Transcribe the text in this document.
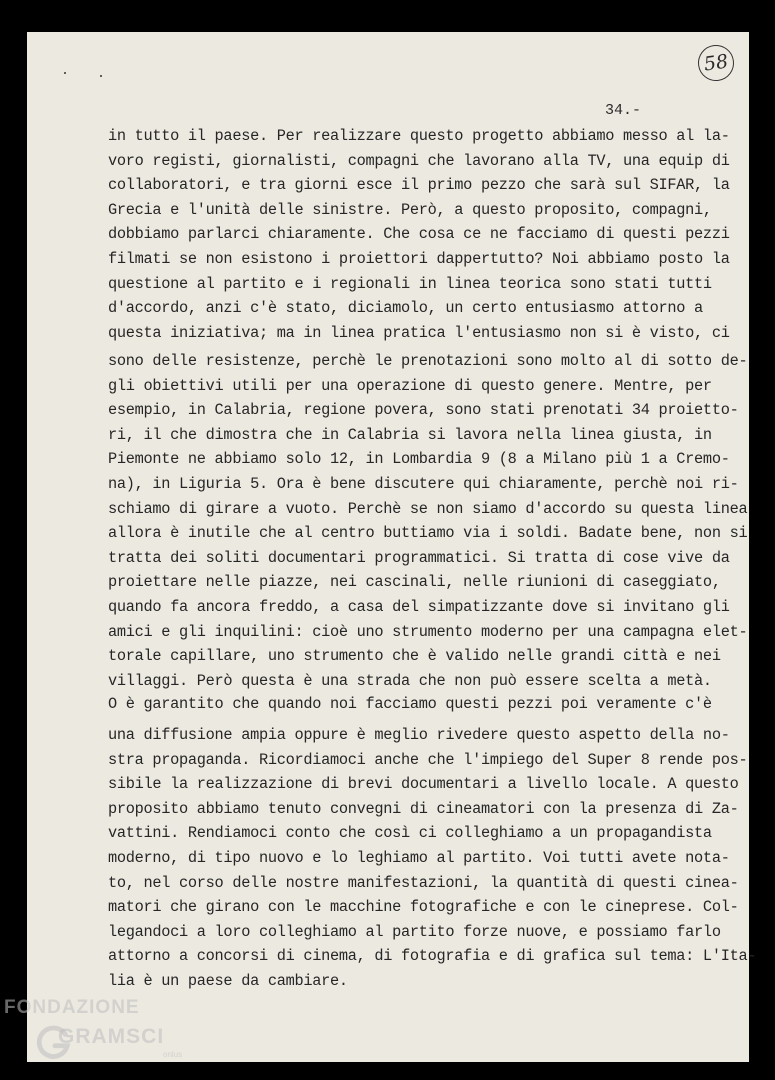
58
34.-
in tutto il paese. Per realizzare questo progetto abbiamo messo al la-
voro registi, giornalisti, compagni che lavorano alla TV, una equip di
collaboratori, e tra giorni esce il primo pezzo che sarà sul SIFAR, la
Grecia e l'unità delle sinistre. Però, a questo proposito, compagni,
dobbiamo parlarci chiaramente. Che cosa ce ne facciamo di questi pezzi
filmati se non esistono i proiettori dappertutto? Noi abbiamo posto la
questione al partito e i regionali in linea teorica sono stati tutti
d'accordo, anzi c'è stato, diciamolo, un certo entusiasmo attorno a
questa iniziativa; ma in linea pratica l'entusiasmo non si è visto, ci
sono delle resistenze, perchè le prenotazioni sono molto al di sotto de-
gli obiettivi utili per una operazione di questo genere. Mentre, per
esempio, in Calabria, regione povera, sono stati prenotati 34 proietto-
ri, il che dimostra che in Calabria si lavora nella linea giusta, in
Piemonte ne abbiamo solo 12, in Lombardia 9 (8 a Milano più 1 a Cremo-
na), in Liguria 5. Ora è bene discutere qui chiaramente, perchè noi ri-
schiamo di girare a vuoto. Perchè se non siamo d'accordo su questa linea
allora è inutile che al centro buttiamo via i soldi. Badate bene, non si
tratta dei soliti documentari programmatici. Si tratta di cose vive da
proiettare nelle piazze, nei cascinali, nelle riunioni di caseggiato,
quando fa ancora freddo, a casa del simpatizzante dove si invitano gli
amici e gli inquilini: cioè uno strumento moderno per una campagna elet-
torale capillare, uno strumento che è valido nelle grandi città e nei
villaggi. Però questa è una strada che non può essere scelta a metà.
O è garantito che quando noi facciamo questi pezzi poi veramente c'è
una diffusione ampia oppure è meglio rivedere questo aspetto della no-
stra propaganda. Ricordiamoci anche che l'impiego del Super 8 rende pos-
sibile la realizzazione di brevi documentari a livello locale. A questo
proposito abbiamo tenuto convegni di cineamatori con la presenza di Za-
vattini. Rendiamoci conto che così ci colleghiamo a un propagandista
moderno, di tipo nuovo e lo leghiamo al partito. Voi tutti avete nota-
to, nel corso delle nostre manifestazioni, la quantità di questi cinea-
matori che girano con le macchine fotografiche e con le cineprese. Col-
legandoci a loro colleghiamo al partito forze nuove, e possiamo farlo
attorno a concorsi di cinema, di fotografia e di grafica sul tema: L'Ita-
lia è un paese da cambiare.
FONDAZIONE
GRAMSCI
onlus
